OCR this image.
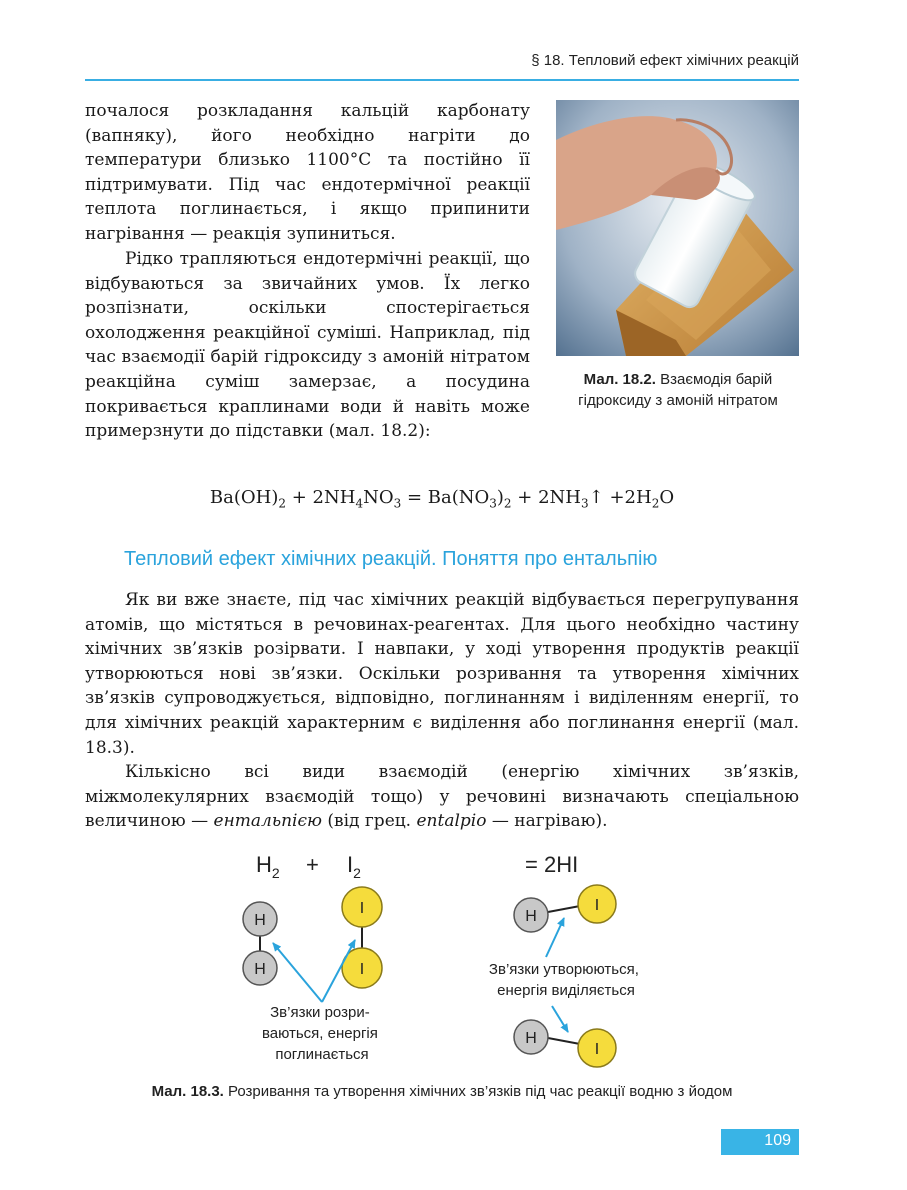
§ 18. Тепловий ефект хімічних реакцій

почалося розкладання кальцій карбонату (вапняку), його необхідно нагріти до температури близько 1100°С та постійно її підтримувати. Під час ендотермічної реакції теплота поглинається, і якщо припинити нагрівання — реакція зупиниться.

Рідко трапляються ендотермічні реакції, що відбуваються за звичайних умов. Їх легко розпізнати, оскільки спостерігається охолодження реакційної суміші. Наприклад, під час взаємодії барій гідроксиду з амоній нітратом реакційна суміш замерзає, а посудина покривається краплинами води й навіть може примерзнути до підставки (мал. 18.2):

Мал. 18.2. Взаємодія барій гідроксиду з амоній нітратом
$Ba(OH)_2 + 2NH_4NO_3 = Ba(NO_3)_2$ + $2NH_3↑ +2H_2O$
Тепловий ефект хімічних реакцій. Поняття про ентальпію

Як ви вже знаєте, під час хімічних реакцій відбувається перегрупування атомів, що містяться в речовинах-реагентах. Для цього необхідно частину хімічних зв’язків розірвати. І навпаки, у ході утворення продуктів реакції утворюються нові зв’язки. Оскільки розривання та утворення хімічних зв’язків супроводжується, відповідно, поглинанням і виділенням енергії, то для хімічних реакцій характерним є виділення або поглинання енергії (мал. 18.3).

Кількісно всі види взаємодій (енергію хімічних зв’язків, міжмолекулярних взаємодій тощо) у речовині визначають спеціальною величиною — ентальпією (від грец. entalpio — нагріваю).

$H_2 + I_2$	= 2HI
H
H
I
I
H
I
H
I
Зв’язки розри- ваються, енергія поглинається
Зв’язки утворюються, енергія виділяється
Мал. 18.3. Розривання та утворення хімічних зв’язків під час реакції водню з йодом
109
